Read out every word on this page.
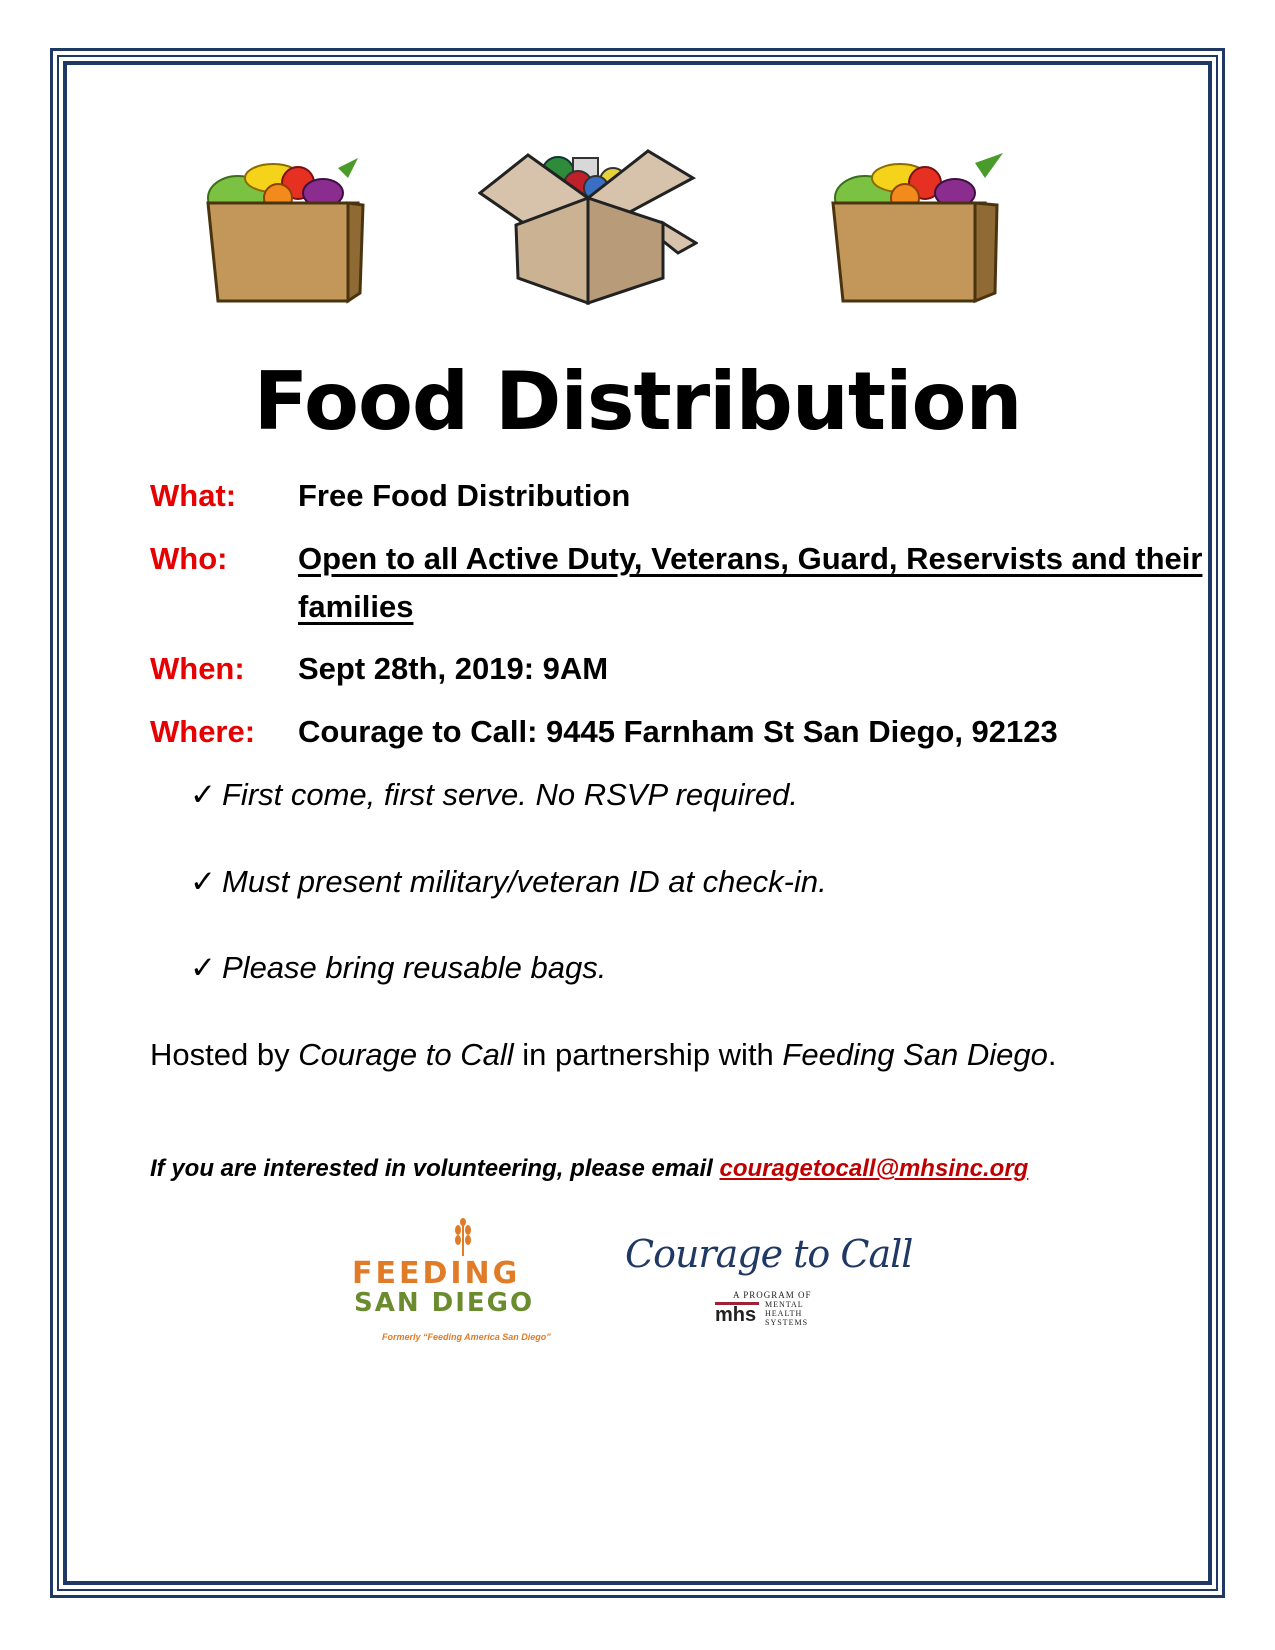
Food Distribution
What: Free Food Distribution
Who: Open to all Active Duty, Veterans, Guard, Reservists and their families
When: Sept 28th, 2019: 9AM
Where: Courage to Call: 9445 Farnham St San Diego, 92123
✓ First come, first serve. No RSVP required.
✓ Must present military/veteran ID at check-in.
✓ Please bring reusable bags.
Hosted by Courage to Call in partnership with Feeding San Diego.
If you are interested in volunteering, please email couragetocall@mhsinc.org
FEEDING
SAN DIEGO
Formerly “Feeding America San Diego”
Courage to Call
A PROGRAM OF
mhs MENTAL
HEALTH
SYSTEMS
